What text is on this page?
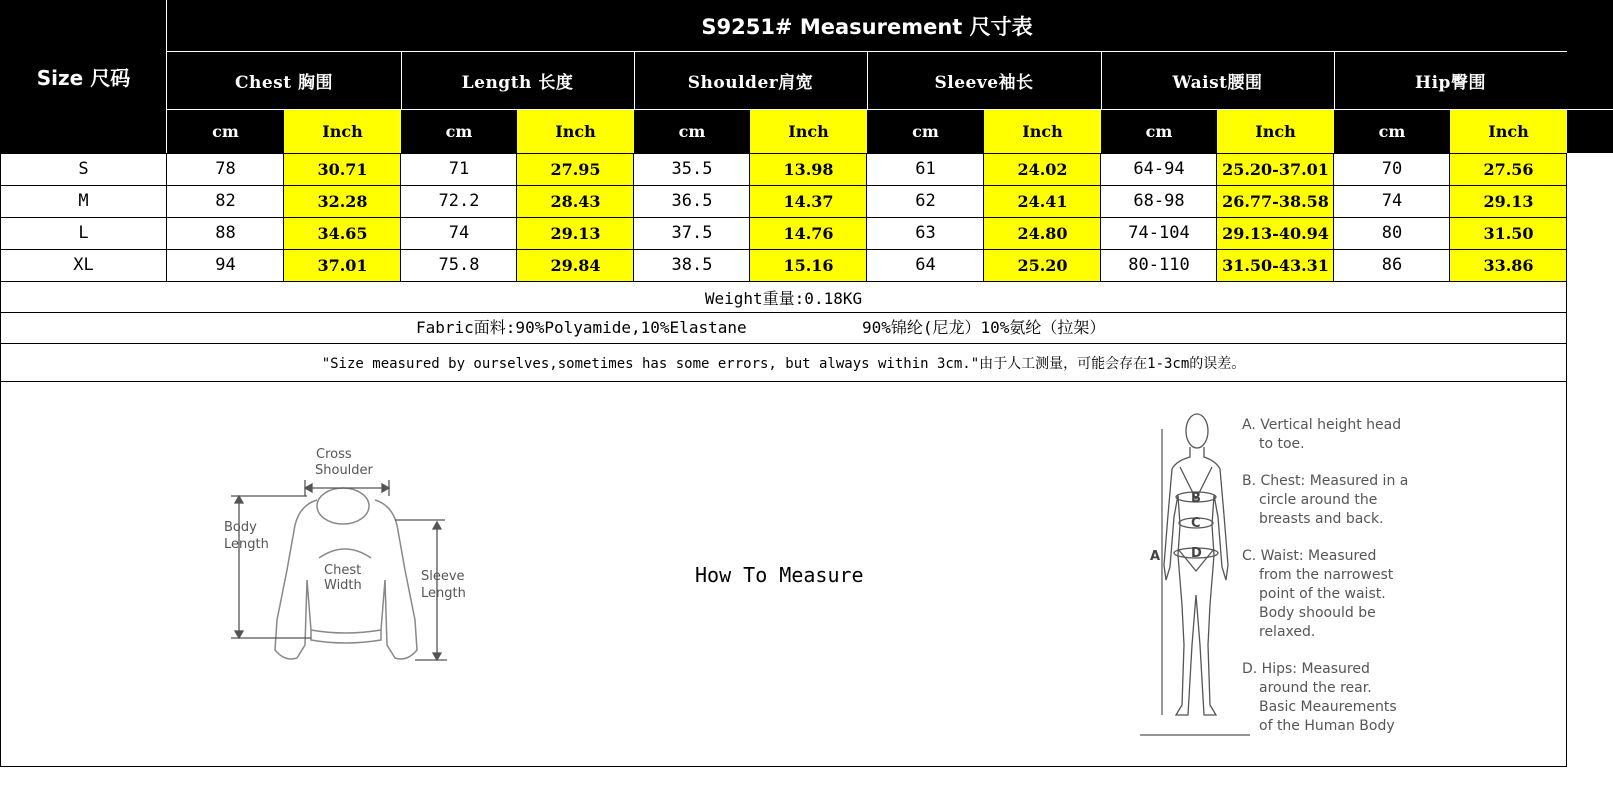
Size 尺码
S9251# Measurement 尺寸表
Chest 胸围	Length 长度	Shoulder肩宽	Sleeve袖长	Waist腰围	Hip臀围
cm	Inch	cm	Inch	cm	Inch	cm	Inch	cm	Inch	cm	Inch
S	78	30.71	71	27.95	35.5	13.98	61	24.02	64-94	25.20-37.01	70	27.56
M	82	32.28	72.2	28.43	36.5	14.37	62	24.41	68-98	26.77-38.58	74	29.13
L	88	34.65	74	29.13	37.5	14.76	63	24.80	74-104	29.13-40.94	80	31.50
XL	94	37.01	75.8	29.84	38.5	15.16	64	25.20	80-110	31.50-43.31	86	33.86
Weight重量:0.18KG
Fabric面料:90%Polyamide,10%Elastane	90%锦纶(尼龙）10%氨纶（拉架）
"Size measured by ourselves,sometimes has some errors, but always within 3cm."由于人工测量，可能会存在1-3cm的误差。
How To Measure
Cross
Shoulder
Body
Length
Chest
Width
Sleeve
Length
A
B
C
D

A. Vertical height head

to toe.

B. Chest: Measured in a

circle around the

breasts and back.

C. Waist: Measured

from the narrowest

point of the waist.

Body shoould be

relaxed.

D. Hips: Measured

around the rear.

Basic Meaurements

of the Human Body
